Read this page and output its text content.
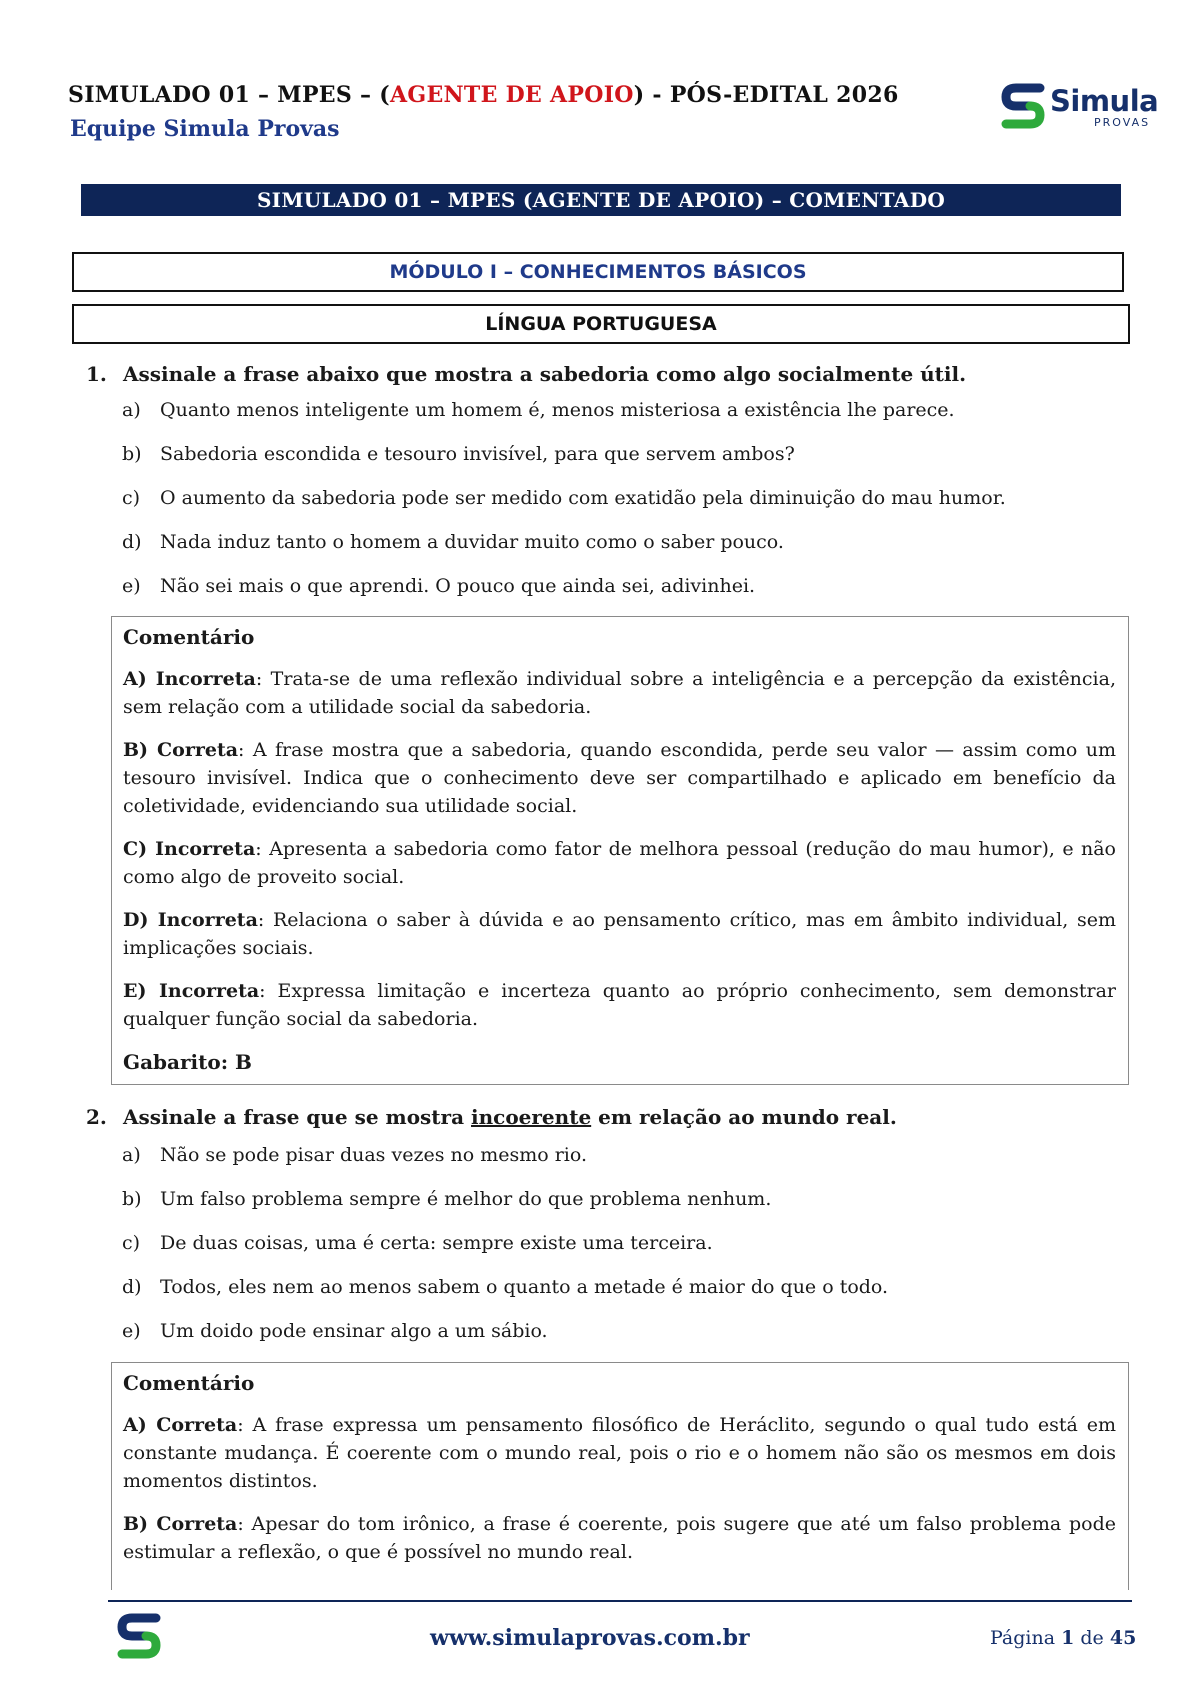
SIMULADO 01 – MPES – (AGENTE DE APOIO) - PÓS-EDITAL 2026
Equipe Simula Provas
Simula
PROVAS
SIMULADO 01 – MPES (AGENTE DE APOIO) – COMENTADO
MÓDULO I – CONHECIMENTOS BÁSICOS
LÍNGUA PORTUGUESA
1. Assinale a frase abaixo que mostra a sabedoria como algo socialmente útil.
a)	Quanto menos inteligente um homem é, menos misteriosa a existência lhe parece.
b) Sabedoria escondida e tesouro invisível, para que servem ambos?
c)	O aumento da sabedoria pode ser medido com exatidão pela diminuição do mau humor.
d) Nada induz tanto o homem a duvidar muito como o saber pouco.
e)	Não sei mais o que aprendi. O pouco que ainda sei, adivinhei.
Comentário

A) Incorreta: Trata-se de uma reflexão individual sobre a inteligência e a percepção da existência, sem relação com a utilidade social da sabedoria.

B) Correta: A frase mostra que a sabedoria, quando escondida, perde seu valor — assim como um tesouro invisível. Indica que o conhecimento deve ser compartilhado e aplicado em benefício da coletividade, evidenciando sua utilidade social.

C) Incorreta: Apresenta a sabedoria como fator de melhora pessoal (redução do mau humor), e não como algo de proveito social.

D) Incorreta: Relaciona o saber à dúvida e ao pensamento crítico, mas em âmbito individual, sem implicações sociais.

E) Incorreta: Expressa limitação e incerteza quanto ao próprio conhecimento, sem demonstrar qualquer função social da sabedoria.

Gabarito: B
2. Assinale a frase que se mostra incoerente em relação ao mundo real.
a)	Não se pode pisar duas vezes no mesmo rio.
b) Um falso problema sempre é melhor do que problema nenhum.
c)	De duas coisas, uma é certa: sempre existe uma terceira.
d) Todos, eles nem ao menos sabem o quanto a metade é maior do que o todo.
e)	Um doido pode ensinar algo a um sábio.
Comentário

A) Correta: A frase expressa um pensamento filosófico de Heráclito, segundo o qual tudo está em constante mudança. É coerente com o mundo real, pois o rio e o homem não são os mesmos em dois momentos distintos.

B) Correta: Apesar do tom irônico, a frase é coerente, pois sugere que até um falso problema pode estimular a reflexão, o que é possível no mundo real.

www.simulaprovas.com.br	Página 1 de 45
